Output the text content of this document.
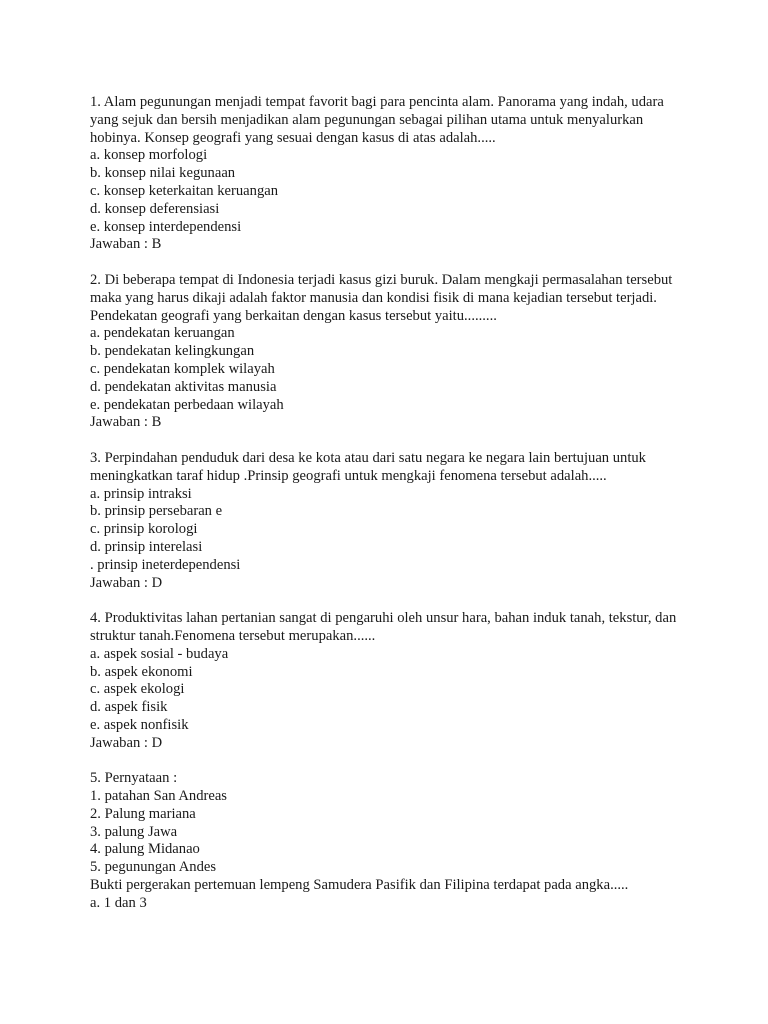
1. Alam pegunungan menjadi tempat favorit bagi para pencinta alam. Panorama yang indah, udara yang sejuk dan bersih menjadikan alam pegunungan sebagai pilihan utama untuk menyalurkan hobinya. Konsep geografi yang sesuai dengan kasus di atas adalah.....
a. konsep morfologi
b. konsep nilai kegunaan
c. konsep keterkaitan keruangan
d. konsep deferensiasi
e. konsep interdependensi
Jawaban : B
2. Di beberapa tempat di Indonesia terjadi kasus gizi buruk. Dalam mengkaji permasalahan tersebut maka yang harus dikaji adalah faktor manusia dan kondisi fisik di mana kejadian tersebut terjadi. Pendekatan geografi yang berkaitan dengan kasus tersebut yaitu.........
a. pendekatan keruangan
b. pendekatan kelingkungan
c. pendekatan komplek wilayah
d. pendekatan aktivitas manusia
e. pendekatan perbedaan wilayah
Jawaban : B
3. Perpindahan penduduk dari desa ke kota atau dari satu negara ke negara lain bertujuan untuk meningkatkan taraf hidup .Prinsip geografi untuk mengkaji fenomena tersebut adalah.....
a. prinsip intraksi
b. prinsip persebaran e
c. prinsip korologi
d. prinsip interelasi
. prinsip ineterdependensi
Jawaban : D
4. Produktivitas lahan pertanian sangat di pengaruhi oleh unsur hara, bahan induk tanah, tekstur, dan struktur tanah.Fenomena tersebut merupakan......
a. aspek sosial - budaya
b. aspek ekonomi
c. aspek ekologi
d. aspek fisik
e. aspek nonfisik
Jawaban : D
5. Pernyataan :
1. patahan San Andreas
2. Palung mariana
3. palung Jawa
4. palung Midanao
5. pegunungan Andes
Bukti pergerakan pertemuan lempeng Samudera Pasifik dan Filipina terdapat pada angka.....
a. 1 dan 3
